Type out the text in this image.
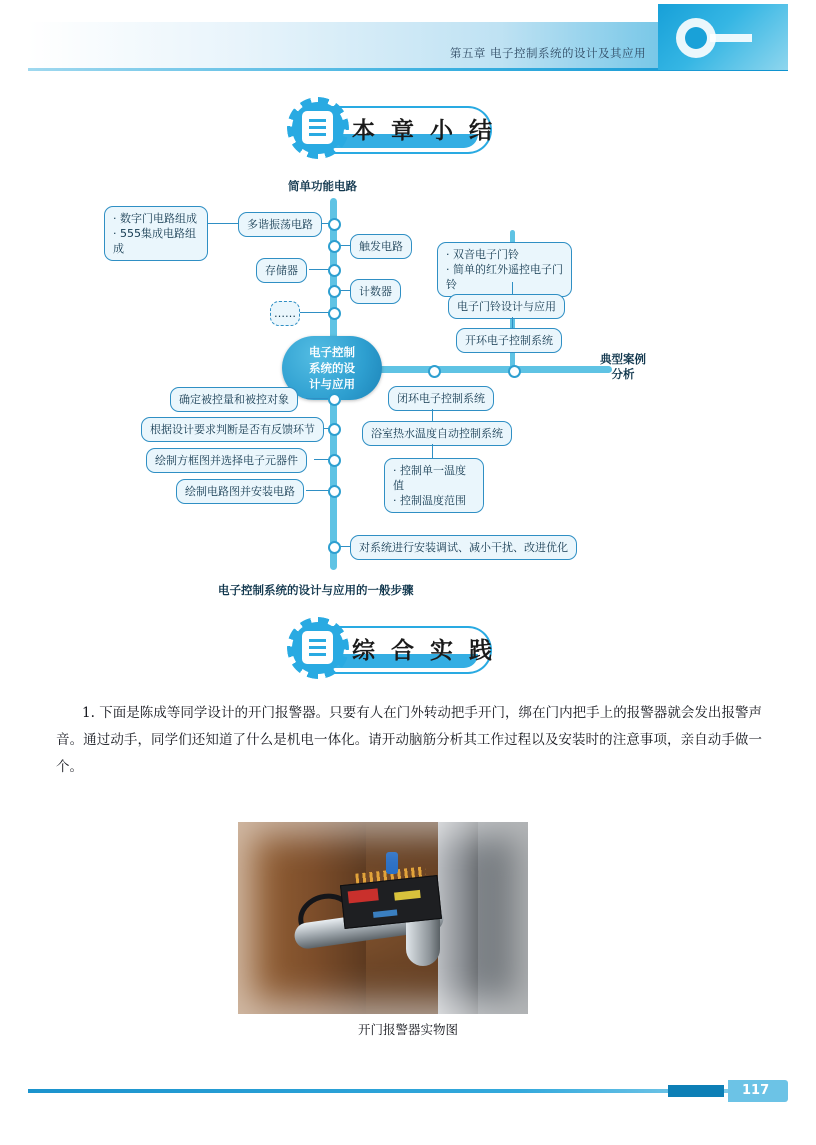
第五章 电子控制系统的设计及其应用
本 章 小 结
简单功能电路
电子控制系统的设计与应用的一般步骤
典型案例
分析
电子控制
系统的设
计与应用
· 数字门电路组成
· 555集成电路组成
多谐振荡电路
触发电路
存储器
计数器
……
· 双音电子门铃
· 简单的红外遥控电子门铃
电子门铃设计与应用
开环电子控制系统
闭环电子控制系统
浴室热水温度自动控制系统
· 控制单一温度值
· 控制温度范围
确定被控量和被控对象
根据设计要求判断是否有反馈环节
绘制方框图并选择电子元器件
绘制电路图并安装电路
对系统进行安装调试、减小干扰、改进优化
综 合 实 践
1. 下面是陈成等同学设计的开门报警器。只要有人在门外转动把手开门，绑在门内把手上的报警器就会发出报警声音。通过动手，同学们还知道了什么是机电一体化。请开动脑筋分析其工作过程以及安装时的注意事项，亲自动手做一个。
开门报警器实物图
117
